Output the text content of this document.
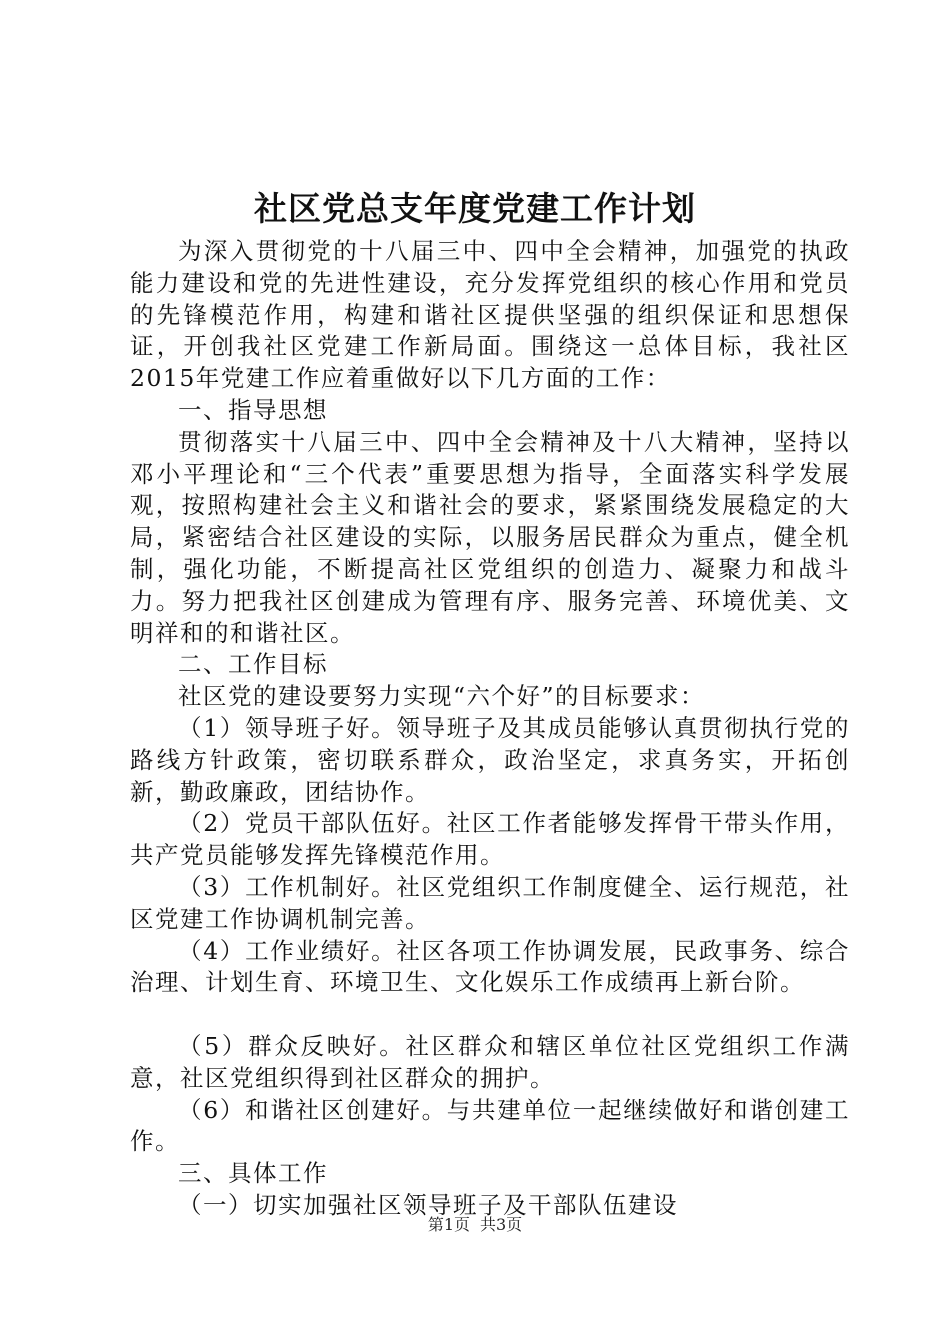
社区党总支年度党建工作计划

为深入贯彻党的十八届三中、四中全会精神，加强党的执政能力建设和党的先进性建设，充分发挥党组织的核心作用和党员的先锋模范作用，构建和谐社区提供坚强的组织保证和思想保证，开创我社区党建工作新局面。围绕这一总体目标，我社区2015年党建工作应着重做好以下几方面的工作：

一、指导思想

贯彻落实十八届三中、四中全会精神及十八大精神，坚持以邓小平理论和“三个代表”重要思想为指导，全面落实科学发展观，按照构建社会主义和谐社会的要求，紧紧围绕发展稳定的大局，紧密结合社区建设的实际，以服务居民群众为重点，健全机制，强化功能，不断提高社区党组织的创造力、凝聚力和战斗力。努力把我社区创建成为管理有序、服务完善、环境优美、文明祥和的和谐社区。

二、工作目标

社区党的建设要努力实现“六个好”的目标要求：

（1）领导班子好。领导班子及其成员能够认真贯彻执行党的路线方针政策，密切联系群众，政治坚定，求真务实，开拓创新，勤政廉政，团结协作。

（2）党员干部队伍好。社区工作者能够发挥骨干带头作用，共产党员能够发挥先锋模范作用。

（3）工作机制好。社区党组织工作制度健全、运行规范，社区党建工作协调机制完善。

（4）工作业绩好。社区各项工作协调发展，民政事务、综合治理、计划生育、环境卫生、文化娱乐工作成绩再上新台阶。

（5）群众反映好。社区群众和辖区单位社区党组织工作满意，社区党组织得到社区群众的拥护。

（6）和谐社区创建好。与共建单位一起继续做好和谐创建工作。

三、具体工作

（一）切实加强社区领导班子及干部队伍建设

第1页 共3页
